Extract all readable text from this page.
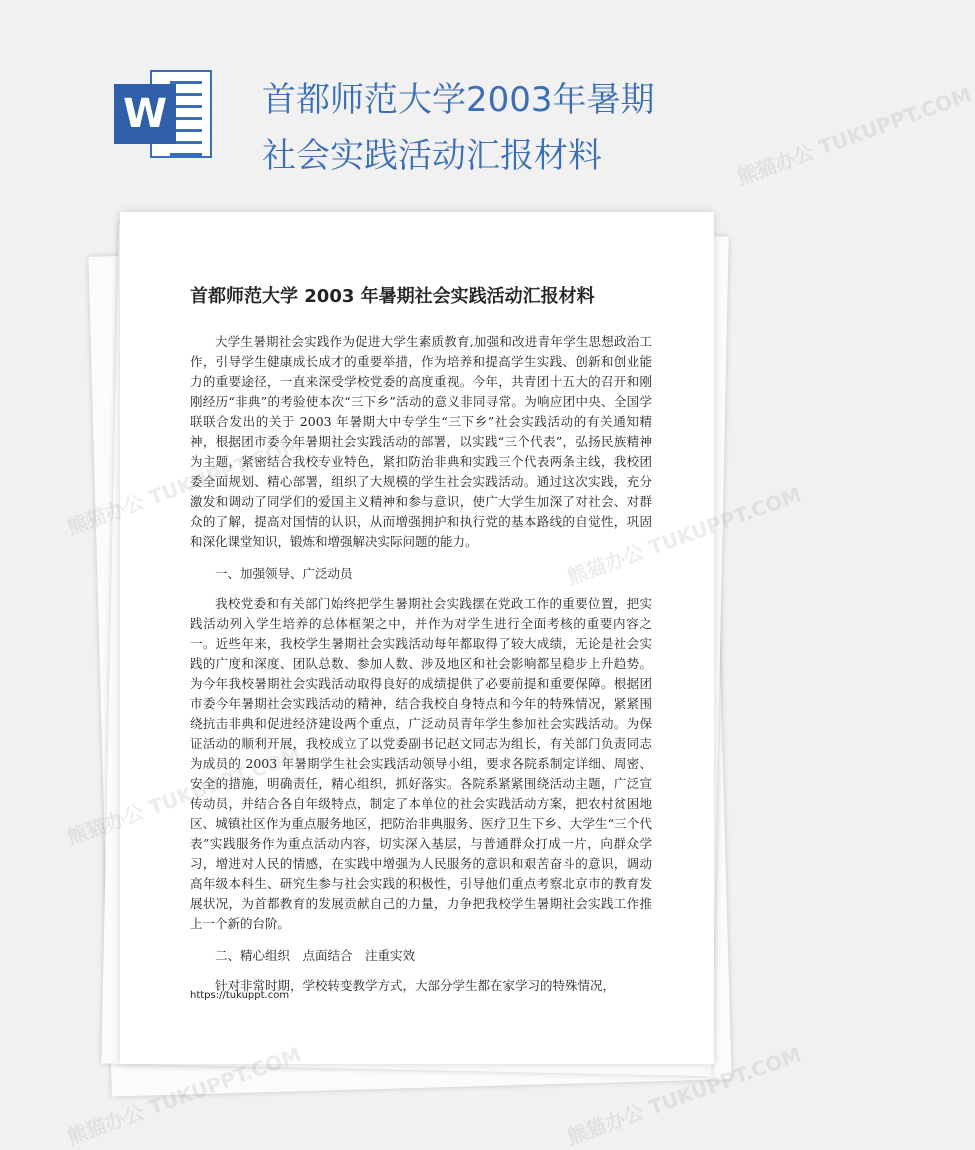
W	首都师范大学2003年暑期
社会实践活动汇报材料
首都师范大学 2003 年暑期社会实践活动汇报材料

大学生暑期社会实践作为促进大学生素质教育,加强和改进青年学生思想政治工作，引导学生健康成长成才的重要举措，作为培养和提高学生实践、创新和创业能力的重要途径，一直来深受学校党委的高度重视。今年，共青团十五大的召开和刚刚经历“非典”的考验使本次“三下乡”活动的意义非同寻常。为响应团中央、全国学联联合发出的关于 2003 年暑期大中专学生“三下乡”社会实践活动的有关通知精神，根据团市委今年暑期社会实践活动的部署，以实践“三个代表”，弘扬民族精神为主题，紧密结合我校专业特色，紧扣防治非典和实践三个代表两条主线，我校团委全面规划、精心部署，组织了大规模的学生社会实践活动。通过这次实践，充分激发和调动了同学们的爱国主义精神和参与意识，使广大学生加深了对社会、对群众的了解，提高对国情的认识，从而增强拥护和执行党的基本路线的自觉性，巩固和深化课堂知识，锻炼和增强解决实际问题的能力。

一、加强领导、广泛动员

我校党委和有关部门始终把学生暑期社会实践摆在党政工作的重要位置，把实践活动列入学生培养的总体框架之中，并作为对学生进行全面考核的重要内容之一。近些年来，我校学生暑期社会实践活动每年都取得了较大成绩，无论是社会实践的广度和深度、团队总数、参加人数、涉及地区和社会影响都呈稳步上升趋势。为今年我校暑期社会实践活动取得良好的成绩提供了必要前提和重要保障。根据团市委今年暑期社会实践活动的精神，结合我校自身特点和今年的特殊情况，紧紧围绕抗击非典和促进经济建设两个重点，广泛动员青年学生参加社会实践活动。为保证活动的顺利开展，我校成立了以党委副书记赵文同志为组长，有关部门负责同志为成员的 2003 年暑期学生社会实践活动领导小组，要求各院系制定详细、周密、安全的措施，明确责任，精心组织，抓好落实。各院系紧紧围绕活动主题，广泛宣传动员，并结合各自年级特点，制定了本单位的社会实践活动方案，把农村贫困地区、城镇社区作为重点服务地区，把防治非典服务、医疗卫生下乡、大学生“三个代表”实践服务作为重点活动内容，切实深入基层，与普通群众打成一片，向群众学习，增进对人民的情感，在实践中增强为人民服务的意识和艰苦奋斗的意识，调动高年级本科生、研究生参与社会实践的积极性，引导他们重点考察北京市的教育发展状况，为首都教育的发展贡献自己的力量，力争把我校学生暑期社会实践工作推上一个新的台阶。

二、精心组织　点面结合　注重实效

针对非常时期，学校转变教学方式，大部分学生都在家学习的特殊情况，

https://tukuppt.com
熊猫办公 TUKUPPT.COM
TUKUPPT.COM
熊猫办公 TUKUPPT.COM	熊猫办公 TUKUPPT.COM
